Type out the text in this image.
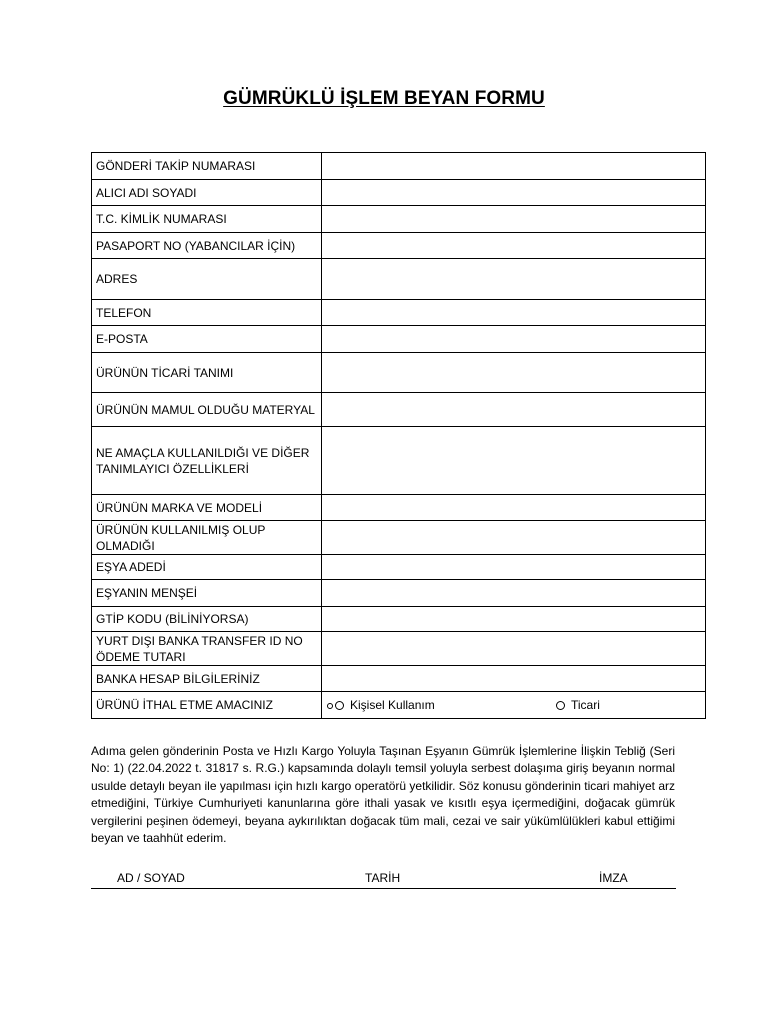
GÜMRÜKLÜ İŞLEM BEYAN FORMU
GÖNDERİ TAKİP NUMARASI	
ALICI ADI SOYADI	
T.C. KİMLİK NUMARASI	
PASAPORT NO (YABANCILAR İÇİN)	
ADRES	
TELEFON	
E-POSTA	
ÜRÜNÜN TİCARİ TANIMI	
ÜRÜNÜN MAMUL OLDUĞU MATERYAL	
NE AMAÇLA KULLANILDIĞI VE DİĞER TANIMLAYICI ÖZELLİKLERİ	
ÜRÜNÜN MARKA VE MODELİ	
ÜRÜNÜN KULLANILMIŞ OLUP OLMADIĞI	
EŞYA ADEDİ	
EŞYANIN MENŞEİ	
GTİP KODU (BİLİNİYORSA)	
YURT DIŞI BANKA TRANSFER ID NO ÖDEME TUTARI	
BANKA HESAP BİLGİLERİNİZ	
ÜRÜNÜ İTHAL ETME AMACINIZ	Kişisel Kullanım Ticari
Adıma gelen gönderinin Posta ve Hızlı Kargo Yoluyla Taşınan Eşyanın Gümrük İşlemlerine İlişkin Tebliğ (Seri No: 1) (22.04.2022 t. 31817 s. R.G.) kapsamında dolaylı temsil yoluyla serbest dolaşıma giriş beyanın normal usulde detaylı beyan ile yapılması için hızlı kargo operatörü yetkilidir. Söz konusu gönderinin ticari mahiyet arz etmediğini, Türkiye Cumhuriyeti kanunlarına göre ithali yasak ve kısıtlı eşya içermediğini, doğacak gümrük vergilerini peşinen ödemeyi, beyana aykırılıktan doğacak tüm mali, cezai ve sair yükümlülükleri kabul ettiğimi beyan ve taahhüt ederim.
AD / SOYAD	TARİH	İMZA
